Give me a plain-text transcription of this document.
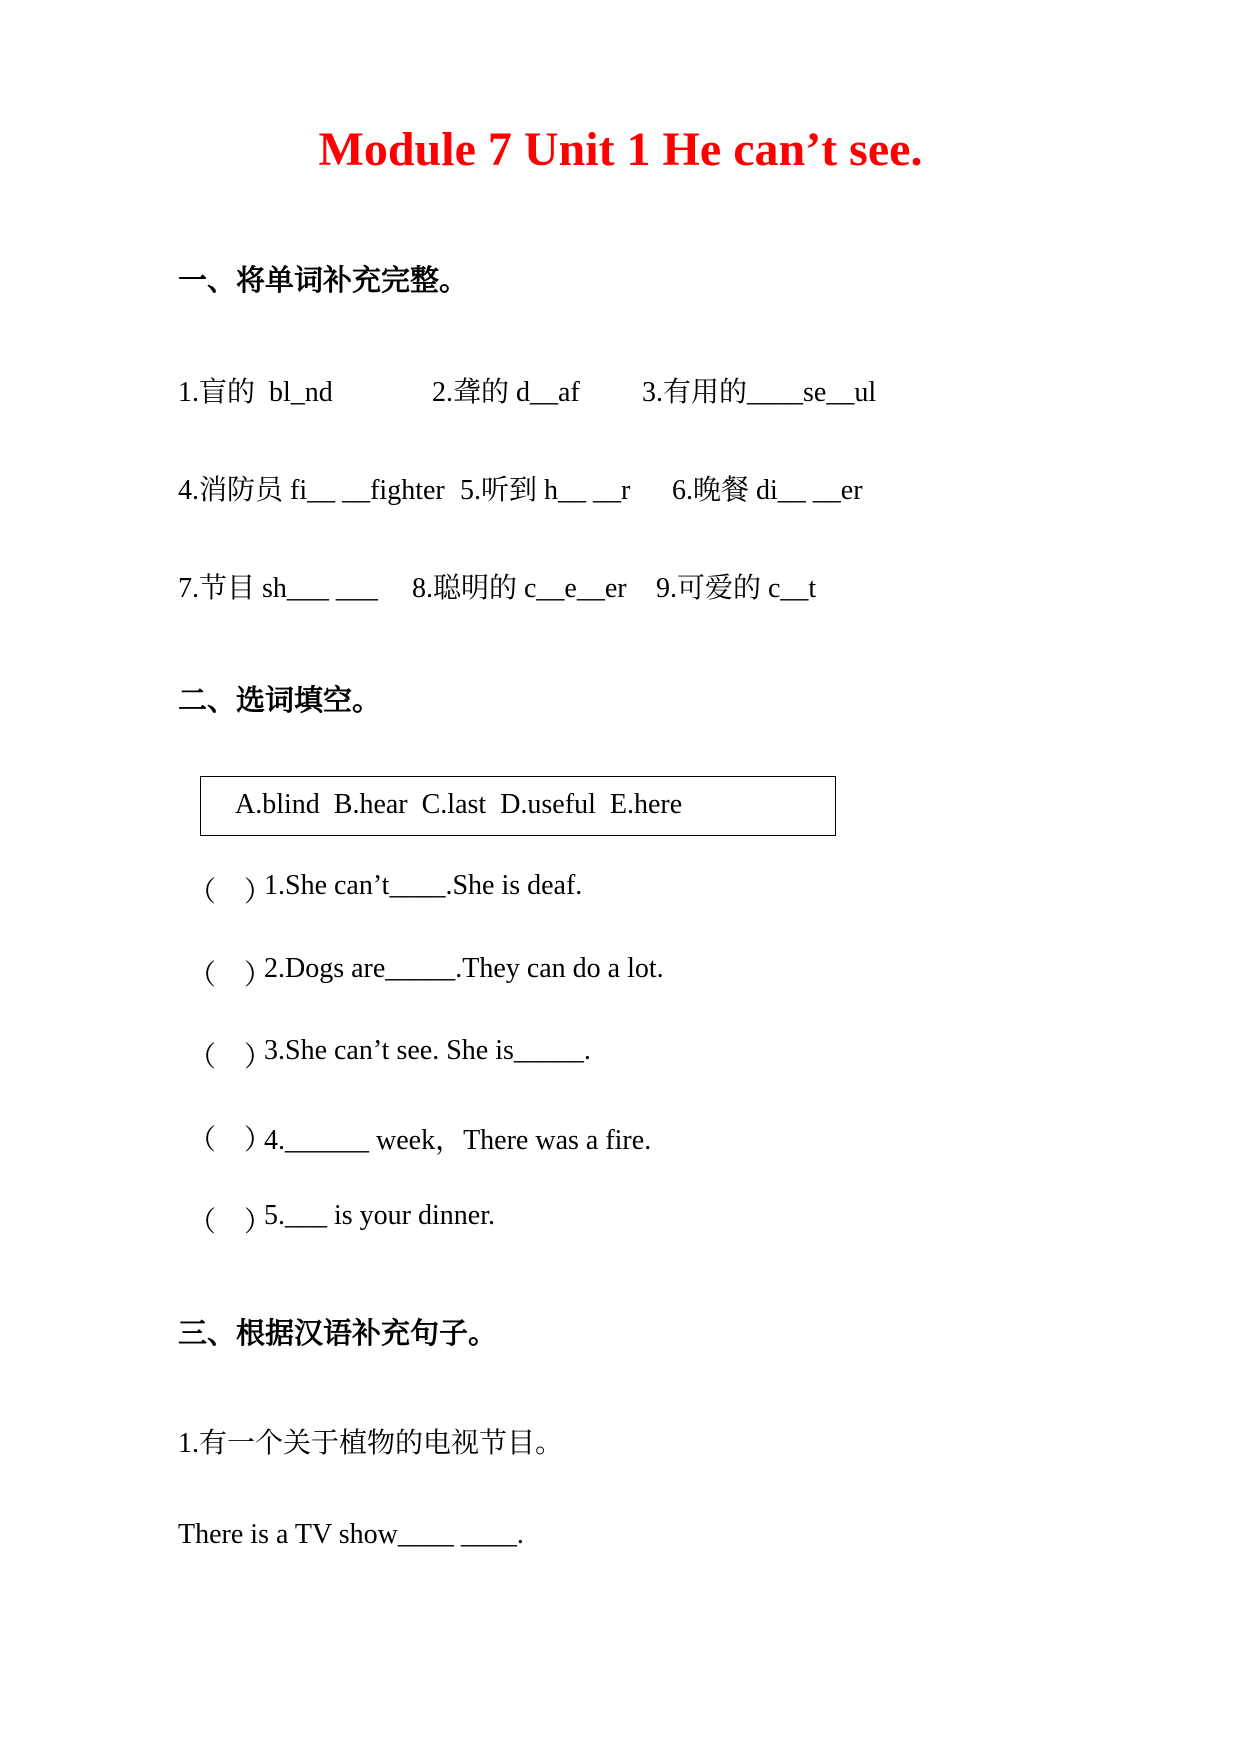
Module 7 Unit 1 He can’t see.
一、将单词补充完整。
1.盲的  bl_nd	2.聋的 d__af 3.有用的____se__ul
4.消防员 fi__ __fighter 5.听到 h__ __r 6.晚餐 di__ __er
7.节目 sh___ ___ 8.聪明的 c__e__er 9.可爱的 c__t
二、选词填空。
A.blind  B.hear  C.last  D.useful  E.here
（    ）
1.She can’t____.She is deaf.
（    ）
2.Dogs are_____.They can do a lot.
（    ）
3.She can’t see. She is_____.
（    ）
4.______ week，There was a fire.
（    ）
5.___ is your dinner.
三、根据汉语补充句子。
1.有一个关于植物的电视节目。
There is a TV show____ ____.
